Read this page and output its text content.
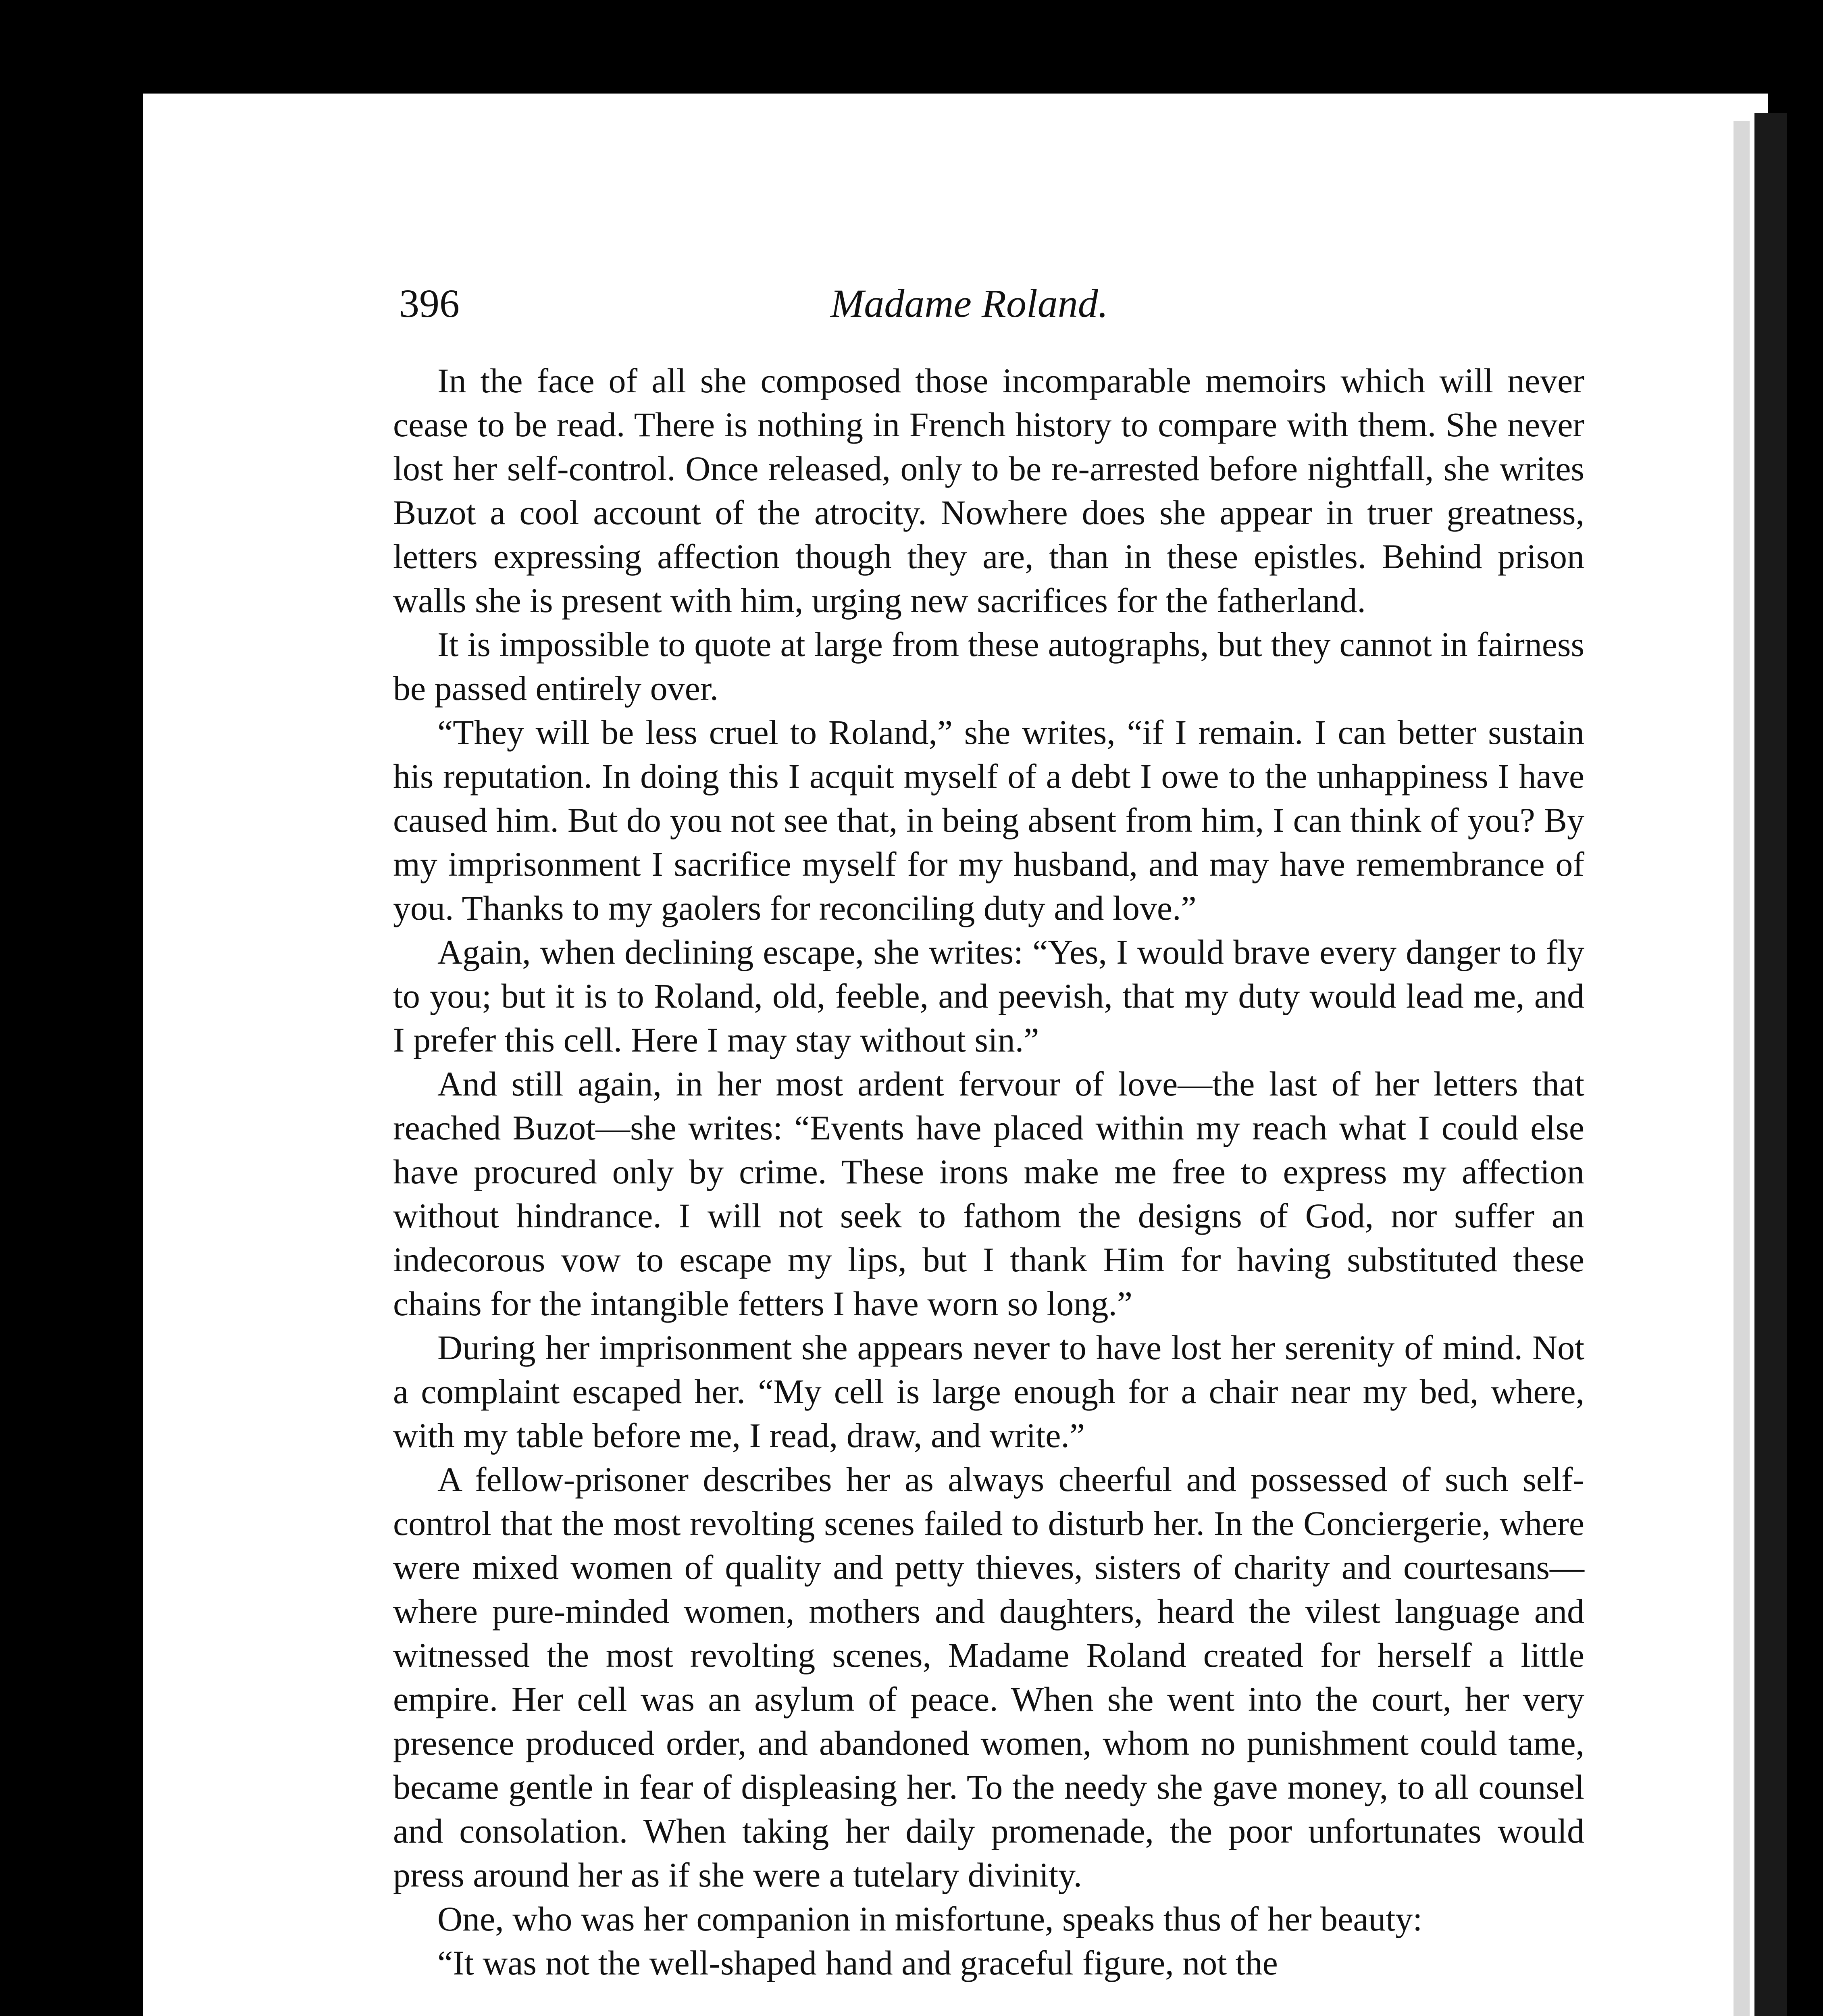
396	Madame Roland.

In the face of all she composed those incomparable memoirs which will never cease to be read. There is nothing in French history to compare with them. She never lost her self-control. Once released, only to be re-arrested before nightfall, she writes Buzot a cool account of the atrocity. Nowhere does she appear in truer greatness, letters expressing affection though they are, than in these epistles. Behind prison walls she is present with him, urging new sacrifices for the fatherland.

It is impossible to quote at large from these autographs, but they cannot in fairness be passed entirely over.

“They will be less cruel to Roland,” she writes, “if I remain. I can better sustain his reputation. In doing this I acquit myself of a debt I owe to the unhappiness I have caused him. But do you not see that, in being absent from him, I can think of you? By my imprisonment I sacrifice myself for my husband, and may have remembrance of you. Thanks to my gaolers for reconciling duty and love.”

Again, when declining escape, she writes: “Yes, I would brave every danger to fly to you; but it is to Roland, old, feeble, and peevish, that my duty would lead me, and I prefer this cell. Here I may stay without sin.”

And still again, in her most ardent fervour of love—the last of her letters that reached Buzot—she writes: “Events have placed within my reach what I could else have procured only by crime. These irons make me free to express my affection without hindrance. I will not seek to fathom the designs of God, nor suffer an indecorous vow to escape my lips, but I thank Him for having substituted these chains for the intangible fetters I have worn so long.”

During her imprisonment she appears never to have lost her serenity of mind. Not a complaint escaped her. “My cell is large enough for a chair near my bed, where, with my table before me, I read, draw, and write.”

A fellow-prisoner describes her as always cheerful and possessed of such self-control that the most revolting scenes failed to disturb her. In the Conciergerie, where were mixed women of quality and petty thieves, sisters of charity and courtesans—where pure-minded women, mothers and daughters, heard the vilest language and witnessed the most revolting scenes, Madame Roland created for herself a little empire. Her cell was an asylum of peace. When she went into the court, her very presence produced order, and abandoned women, whom no punishment could tame, became gentle in fear of displeasing her. To the needy she gave money, to all counsel and consolation. When taking her daily promenade, the poor unfortunates would press around her as if she were a tutelary divinity.

One, who was her companion in misfortune, speaks thus of her beauty:

“It was not the well-shaped hand and graceful figure, not the
